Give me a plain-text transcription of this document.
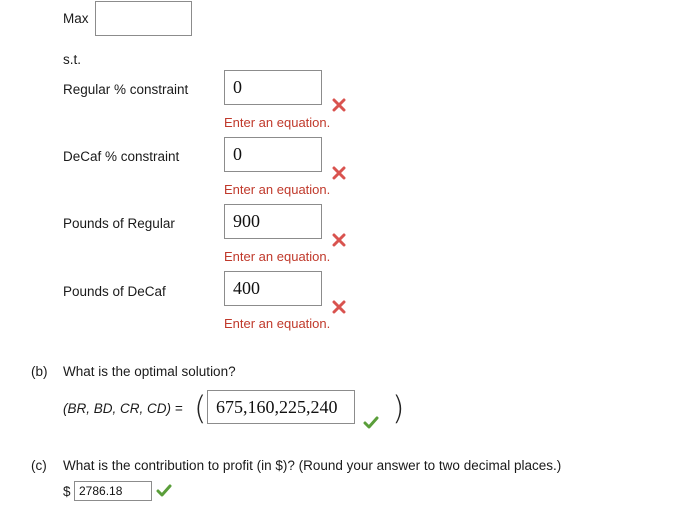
Max
s.t.
Regular % constraint	0
Enter an equation.
DeCaf % constraint	0
Enter an equation.
Pounds of Regular	900
Enter an equation.
Pounds of DeCaf	400
Enter an equation.
(b) What is the optimal solution?
(BR, BD, CR, CD) = ( 675,160,225,240	)
(c) What is the contribution to profit (in $)? (Round your answer to two decimal places.)
$ 2786.18
